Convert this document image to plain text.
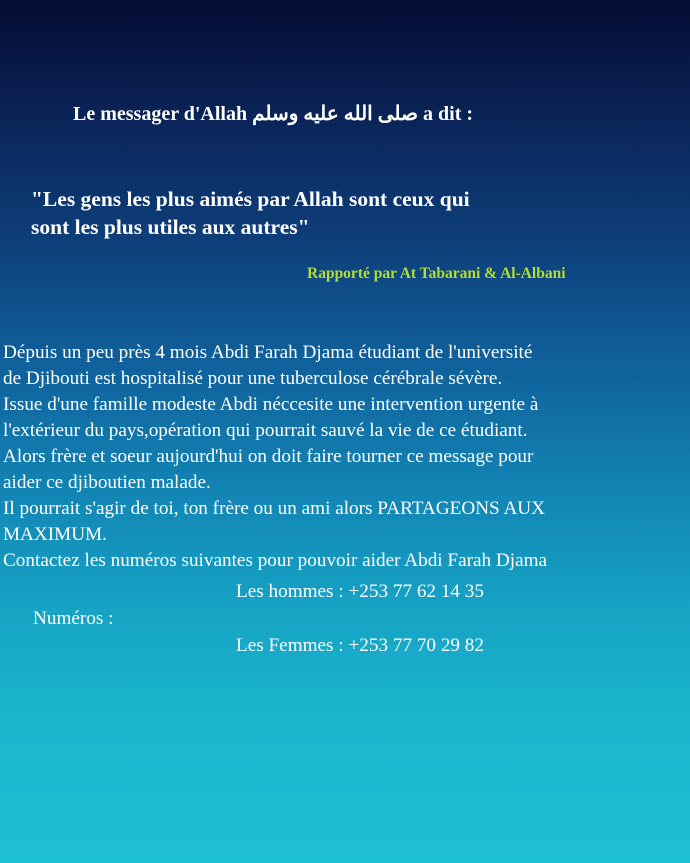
Le messager d'Allah صلى الله عليه وسلم a dit :
"Les gens les plus aimés par Allah sont ceux qui
sont les plus utiles aux autres"
Rapporté par At Tabarani & Al-Albani

Dépuis un peu près 4 mois Abdi Farah Djama étudiant de l'université

de Djibouti est hospitalisé pour une tuberculose cérébrale sévère.

Issue d'une famille modeste Abdi néccesite une intervention urgente à

l'extérieur du pays,opération qui pourrait sauvé la vie de ce étudiant.

Alors frère et soeur aujourd'hui on doit faire tourner ce message pour

aider ce djiboutien malade.

Il pourrait s'agir de toi, ton frère ou un ami alors PARTAGEONS AUX

MAXIMUM.

Contactez les numéros suivantes pour pouvoir aider Abdi Farah Djama

Les hommes : +253 77 62 14 35
Numéros :
Les Femmes : +253 77 70 29 82
